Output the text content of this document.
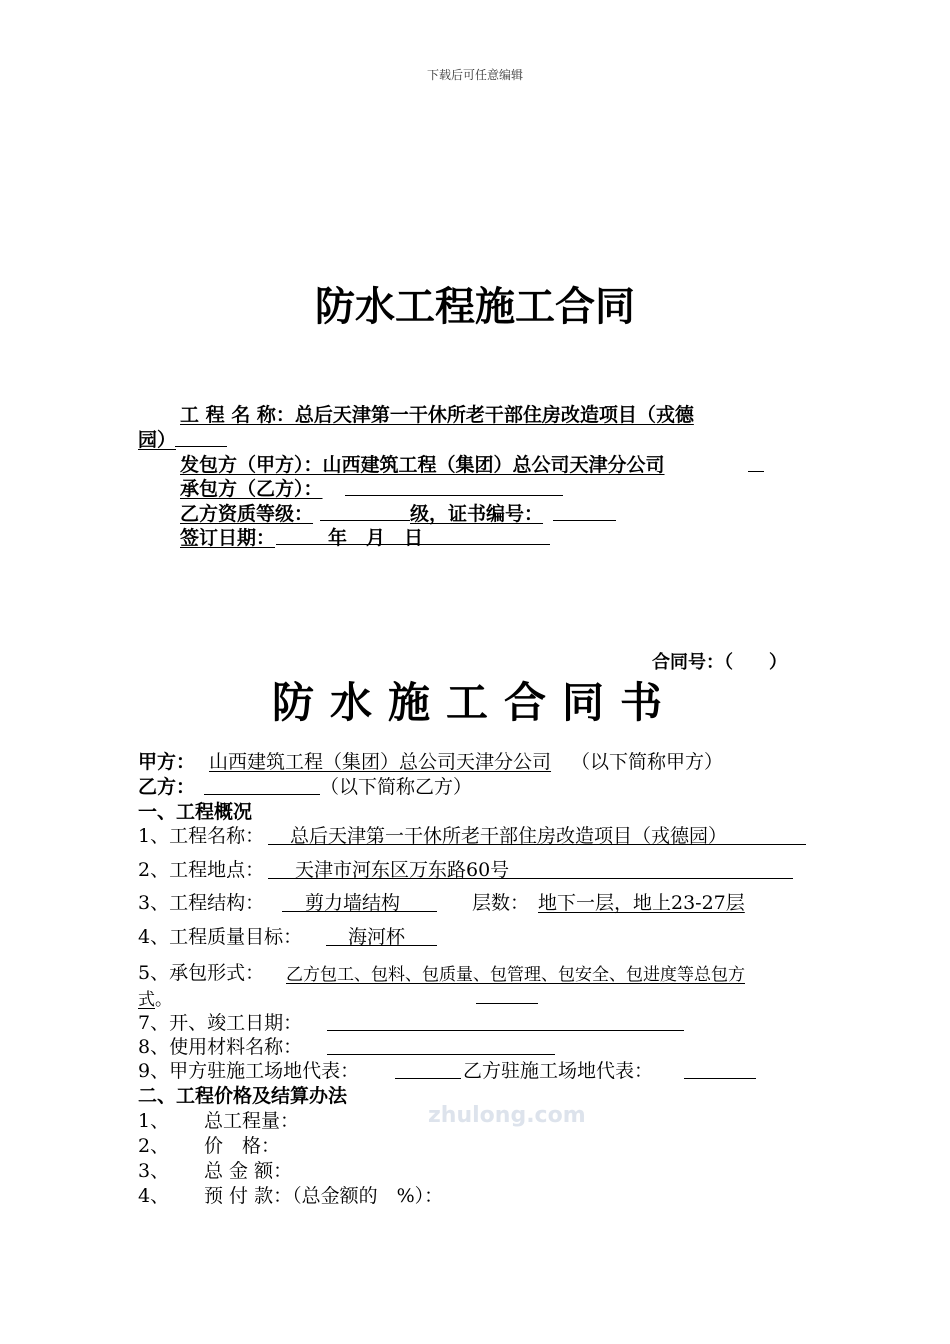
下载后可任意编辑
防水工程施工合同
工 程 名 称：总后天津第一干休所老干部住房改造项目（戎德
园）
发包方（甲方）：山西建筑工程（集团）总公司天津分公司
承包方（乙方）：
乙方资质等级：	级，证书编号：
签订日期：	年　月　日
合同号：（　　）
防水施工合同书
甲方： 山西建筑工程（集团）总公司天津分公司 （以下简称甲方）
乙方：	（以下简称乙方）
一、工程概况
1、工程名称： 总后天津第一干休所老干部住房改造项目（戎德园）
2、工程地点： 天津市河东区万东路60号
3、工程结构： 剪力墙结构	层数： 地下一层，地上23-27层
4、工程质量目标： 海河杯
5、承包形式： 乙方包工、包料、包质量、包管理、包安全、包进度等总包方
式 。
7、开、竣工日期：
8、使用材料名称：
9、甲方驻施工场地代表：	乙方驻施工场地代表：
二、工程价格及结算办法
zhulong.com
1、 总工程量：
2、 价　格：
3、 总 金 额：
4、 预 付 款：（总金额的　%）：
